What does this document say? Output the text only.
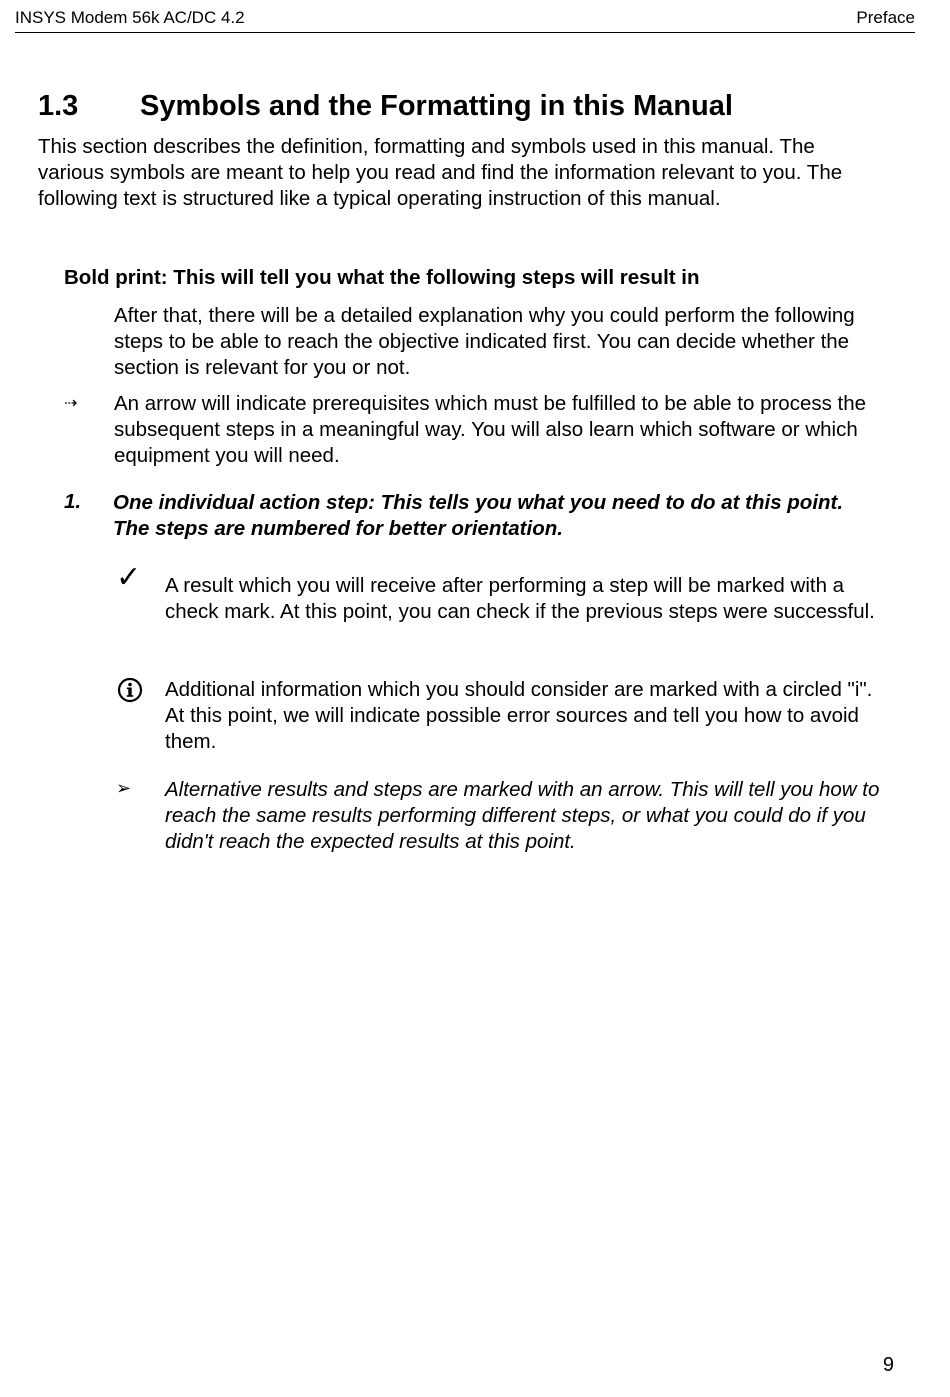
INSYS Modem 56k AC/DC 4.2	Preface
1.3 Symbols and the Formatting in this Manual
This section describes the definition, formatting and symbols used in this manual. The various symbols are meant to help you read and find the information relevant to you. The following text is structured like a typical operating instruction of this manual.
Bold print: This will tell you what the following steps will result in
After that, there will be a detailed explanation why you could perform the following steps to be able to reach the objective indicated first. You can decide whether the section is relevant for you or not.
⇢ An arrow will indicate prerequisites which must be fulfilled to be able to process the subsequent steps in a meaningful way. You will also learn which software or which equipment you will need.
1. One individual action step: This tells you what you need to do at this point. The steps are numbered for better orientation.
✓ A result which you will receive after performing a step will be marked with a check mark. At this point, you can check if the previous steps were successful.
Additional information which you should consider are marked with a circled "i". At this point, we will indicate possible error sources and tell you how to avoid them.
➢ Alternative results and steps are marked with an arrow. This will tell you how to reach the same results performing different steps, or what you could do if you didn't reach the expected results at this point.
9
